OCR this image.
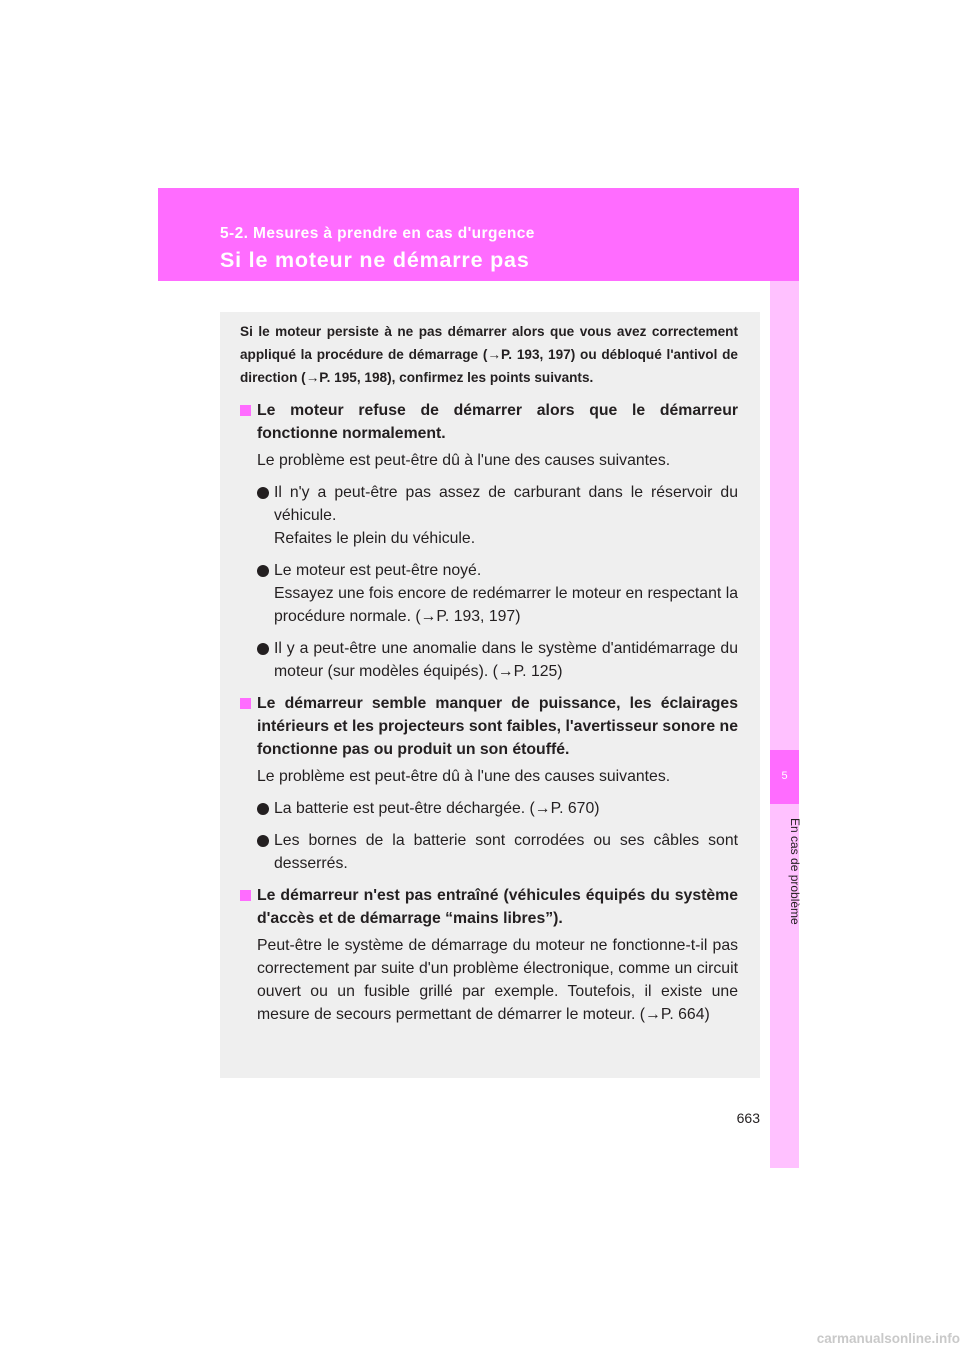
5-2. Mesures à prendre en cas d'urgence
Si le moteur ne démarre pas
5
En cas de problème

Si le moteur persiste à ne pas démarrer alors que vous avez correctement appliqué la procédure de démarrage (→P. 193, 197) ou débloqué l'antivol de direction (→P. 195, 198), confirmez les points suivants.

Le moteur refuse de démarrer alors que le démarreur fonctionne normalement.

Le problème est peut-être dû à l'une des causes suivantes.

Il n'y a peut-être pas assez de carburant dans le réservoir du véhicule.
Refaites le plein du véhicule.
Le moteur est peut-être noyé.
Essayez une fois encore de redémarrer le moteur en respectant la procédure normale. (→P. 193, 197)
Il y a peut-être une anomalie dans le système d'antidémarrage du moteur (sur modèles équipés). (→P. 125)
Le démarreur semble manquer de puissance, les éclairages intérieurs et les projecteurs sont faibles, l'avertisseur sonore ne fonctionne pas ou produit un son étouffé.

Le problème est peut-être dû à l'une des causes suivantes.

La batterie est peut-être déchargée. (→P. 670)
Les bornes de la batterie sont corrodées ou ses câbles sont desserrés.
Le démarreur n'est pas entraîné (véhicules équipés du système d'accès et de démarrage “mains libres”).

Peut-être le système de démarrage du moteur ne fonctionne-t-il pas correctement par suite d'un problème électronique, comme un circuit ouvert ou un fusible grillé par exemple. Toutefois, il existe une mesure de secours permettant de démarrer le moteur. (→P. 664)

663
carmanualsonline.info
